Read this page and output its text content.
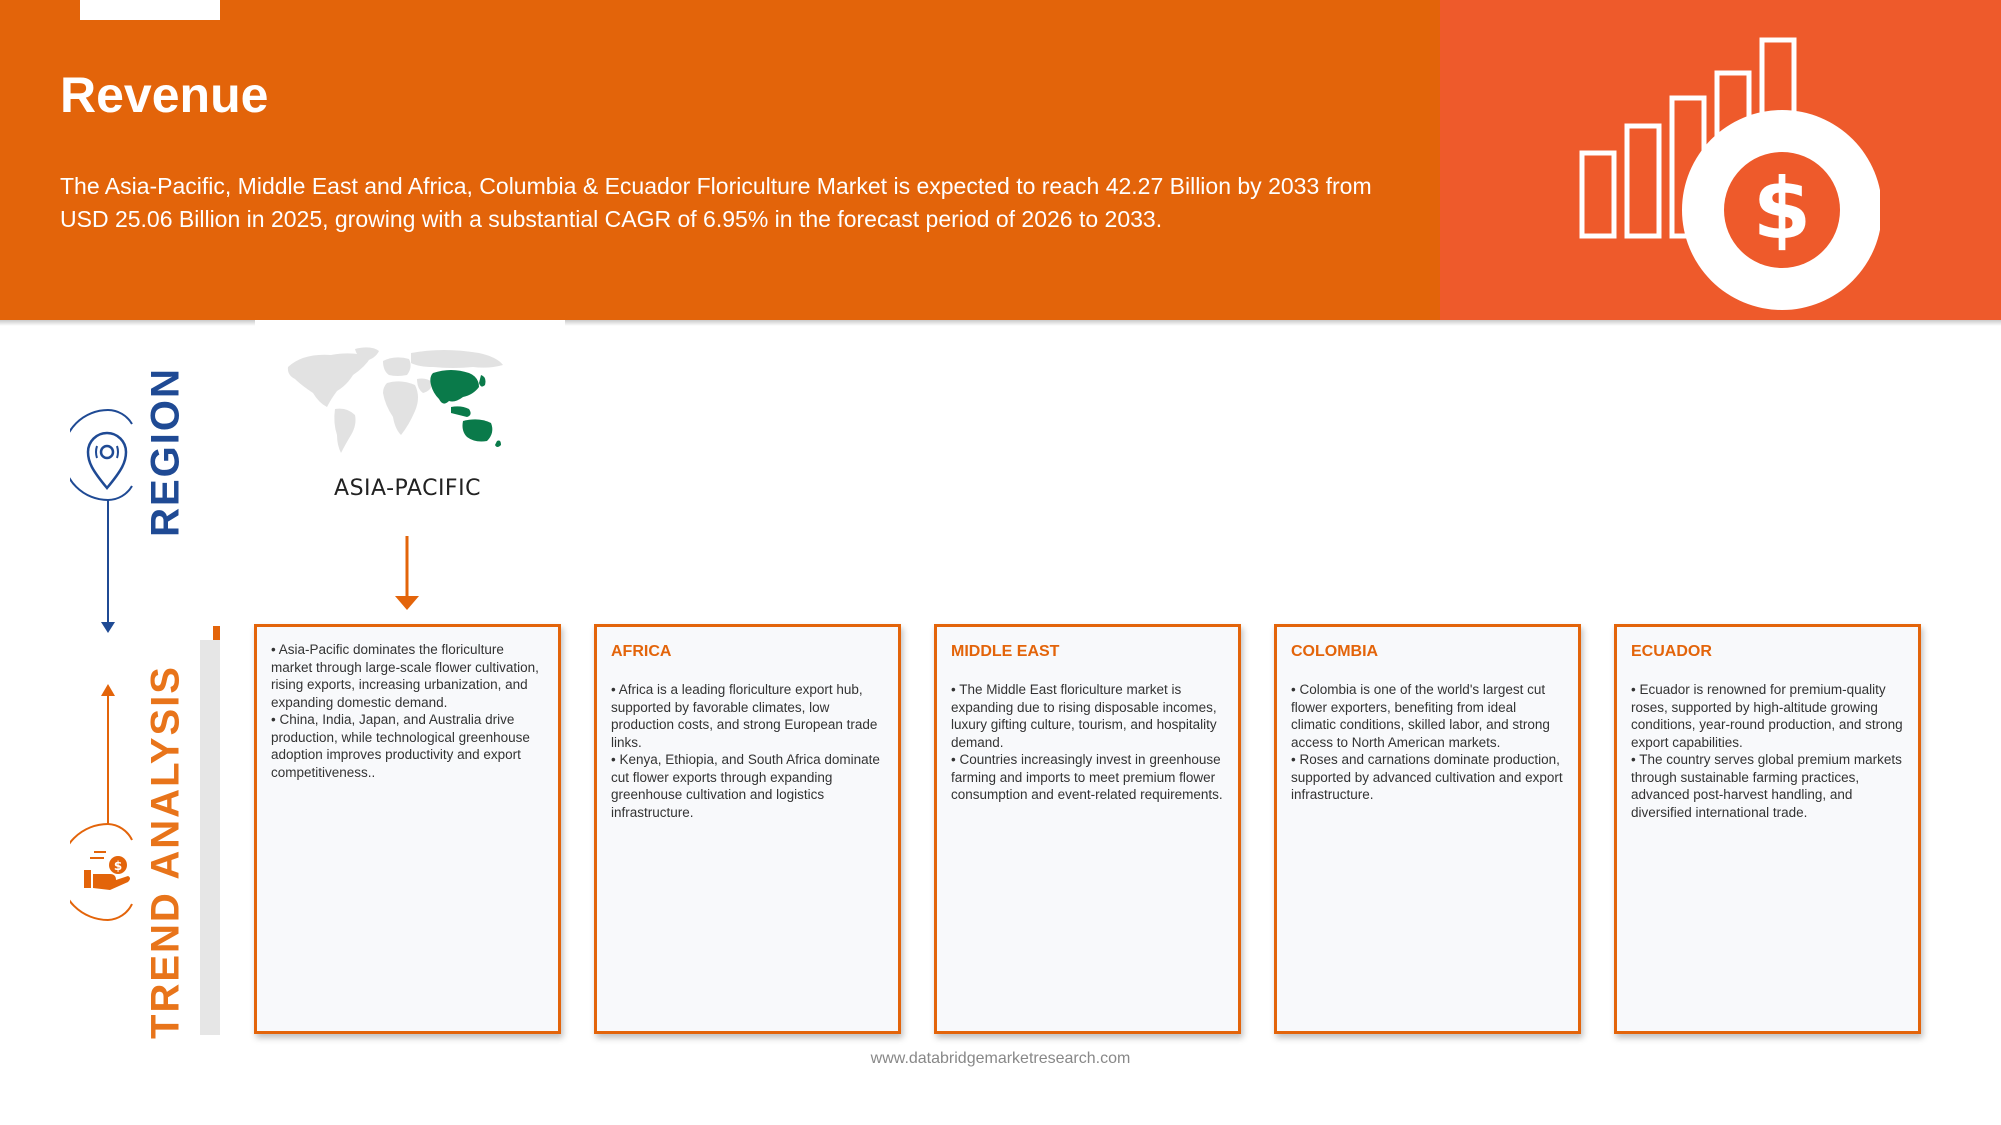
Revenue

The Asia-Pacific, Middle East and Africa, Columbia & Ecuador Floriculture Market is expected to reach 42.27 Billion by 2033 from USD 25.06 Billion in 2025, growing with a substantial CAGR of 6.95% in the forecast period of 2026 to 2033.	$
REGION
TREND ANALYSIS
$
ASIA-PACIFIC

• Asia-Pacific dominates the floriculture market through large-scale flower cultivation, rising exports, increasing urbanization, and expanding domestic demand.

• China, India, Japan, and Australia drive production, while technological greenhouse adoption improves productivity and export competitiveness..

AFRICA

• Africa is a leading floriculture export hub, supported by favorable climates, low production costs, and strong European trade links.

• Kenya, Ethiopia, and South Africa dominate cut flower exports through expanding greenhouse cultivation and logistics infrastructure.

MIDDLE EAST

• The Middle East floriculture market is expanding due to rising disposable incomes, luxury gifting culture, tourism, and hospitality demand.

• Countries increasingly invest in greenhouse farming and imports to meet premium flower consumption and event-related requirements.

COLOMBIA

• Colombia is one of the world's largest cut flower exporters, benefiting from ideal climatic conditions, skilled labor, and strong access to North American markets.

• Roses and carnations dominate production, supported by advanced cultivation and export infrastructure.

ECUADOR

• Ecuador is renowned for premium-quality roses, supported by high-altitude growing conditions, year-round production, and strong export capabilities.

• The country serves global premium markets through sustainable farming practices, advanced post-harvest handling, and diversified international trade.

www.databridgemarketresearch.com
